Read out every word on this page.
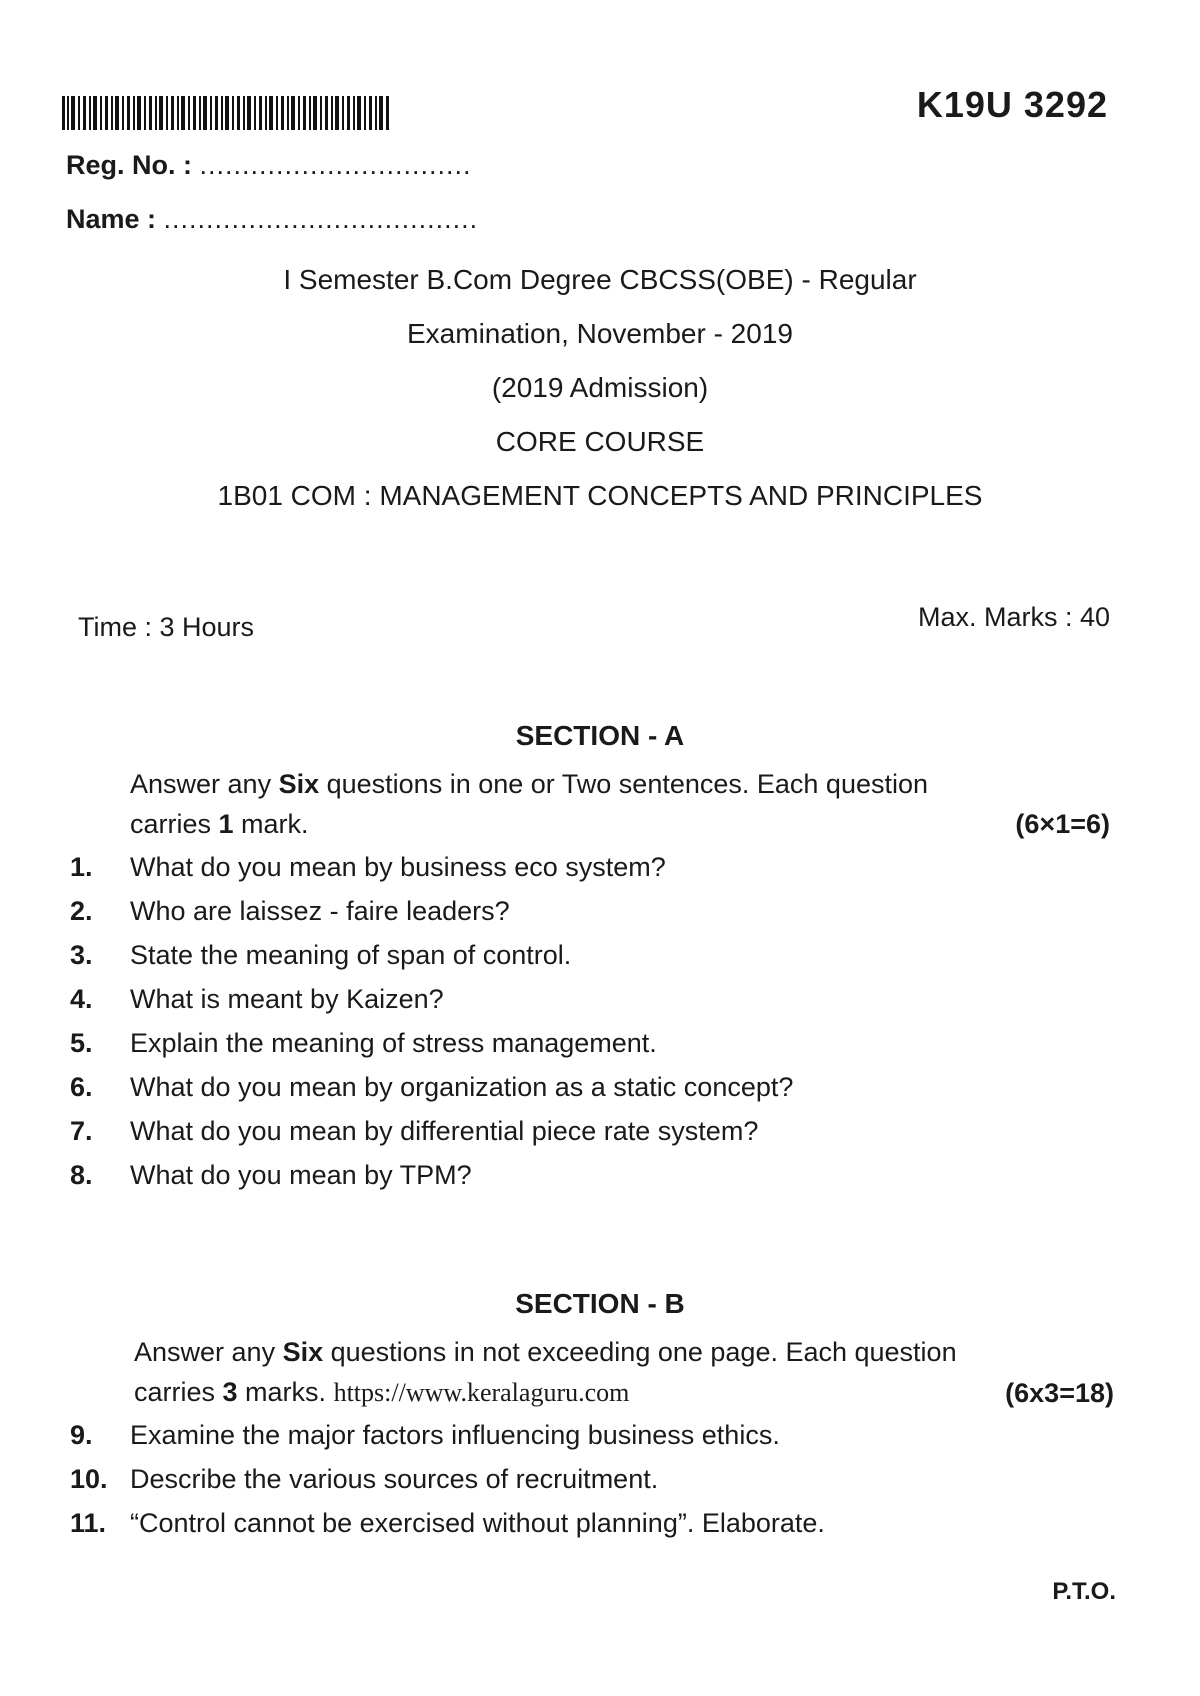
K19U 3292
Reg. No. : ................................
Name : .....................................
I Semester B.Com Degree CBCSS(OBE) - Regular
Examination, November - 2019
(2019 Admission)
CORE COURSE
1B01 COM : MANAGEMENT CONCEPTS AND PRINCIPLES
Time : 3 Hours	Max. Marks : 40
SECTION - A
Answer any Six questions in one or Two sentences. Each question
carries 1 mark.	(6×1=6)
1. What do you mean by business eco system?
2. Who are laissez - faire leaders?
3. State the meaning of span of control.
4. What is meant by Kaizen?
5. Explain the meaning of stress management.
6. What do you mean by organization as a static concept?
7. What do you mean by differential piece rate system?
8. What do you mean by TPM?
SECTION - B
Answer any Six questions in not exceeding one page. Each question
carries 3 marks. https://www.keralaguru.com	(6x3=18)
9. Examine the major factors influencing business ethics.
10. Describe the various sources of recruitment.
11. “Control cannot be exercised without planning”. Elaborate.
P.T.O.
